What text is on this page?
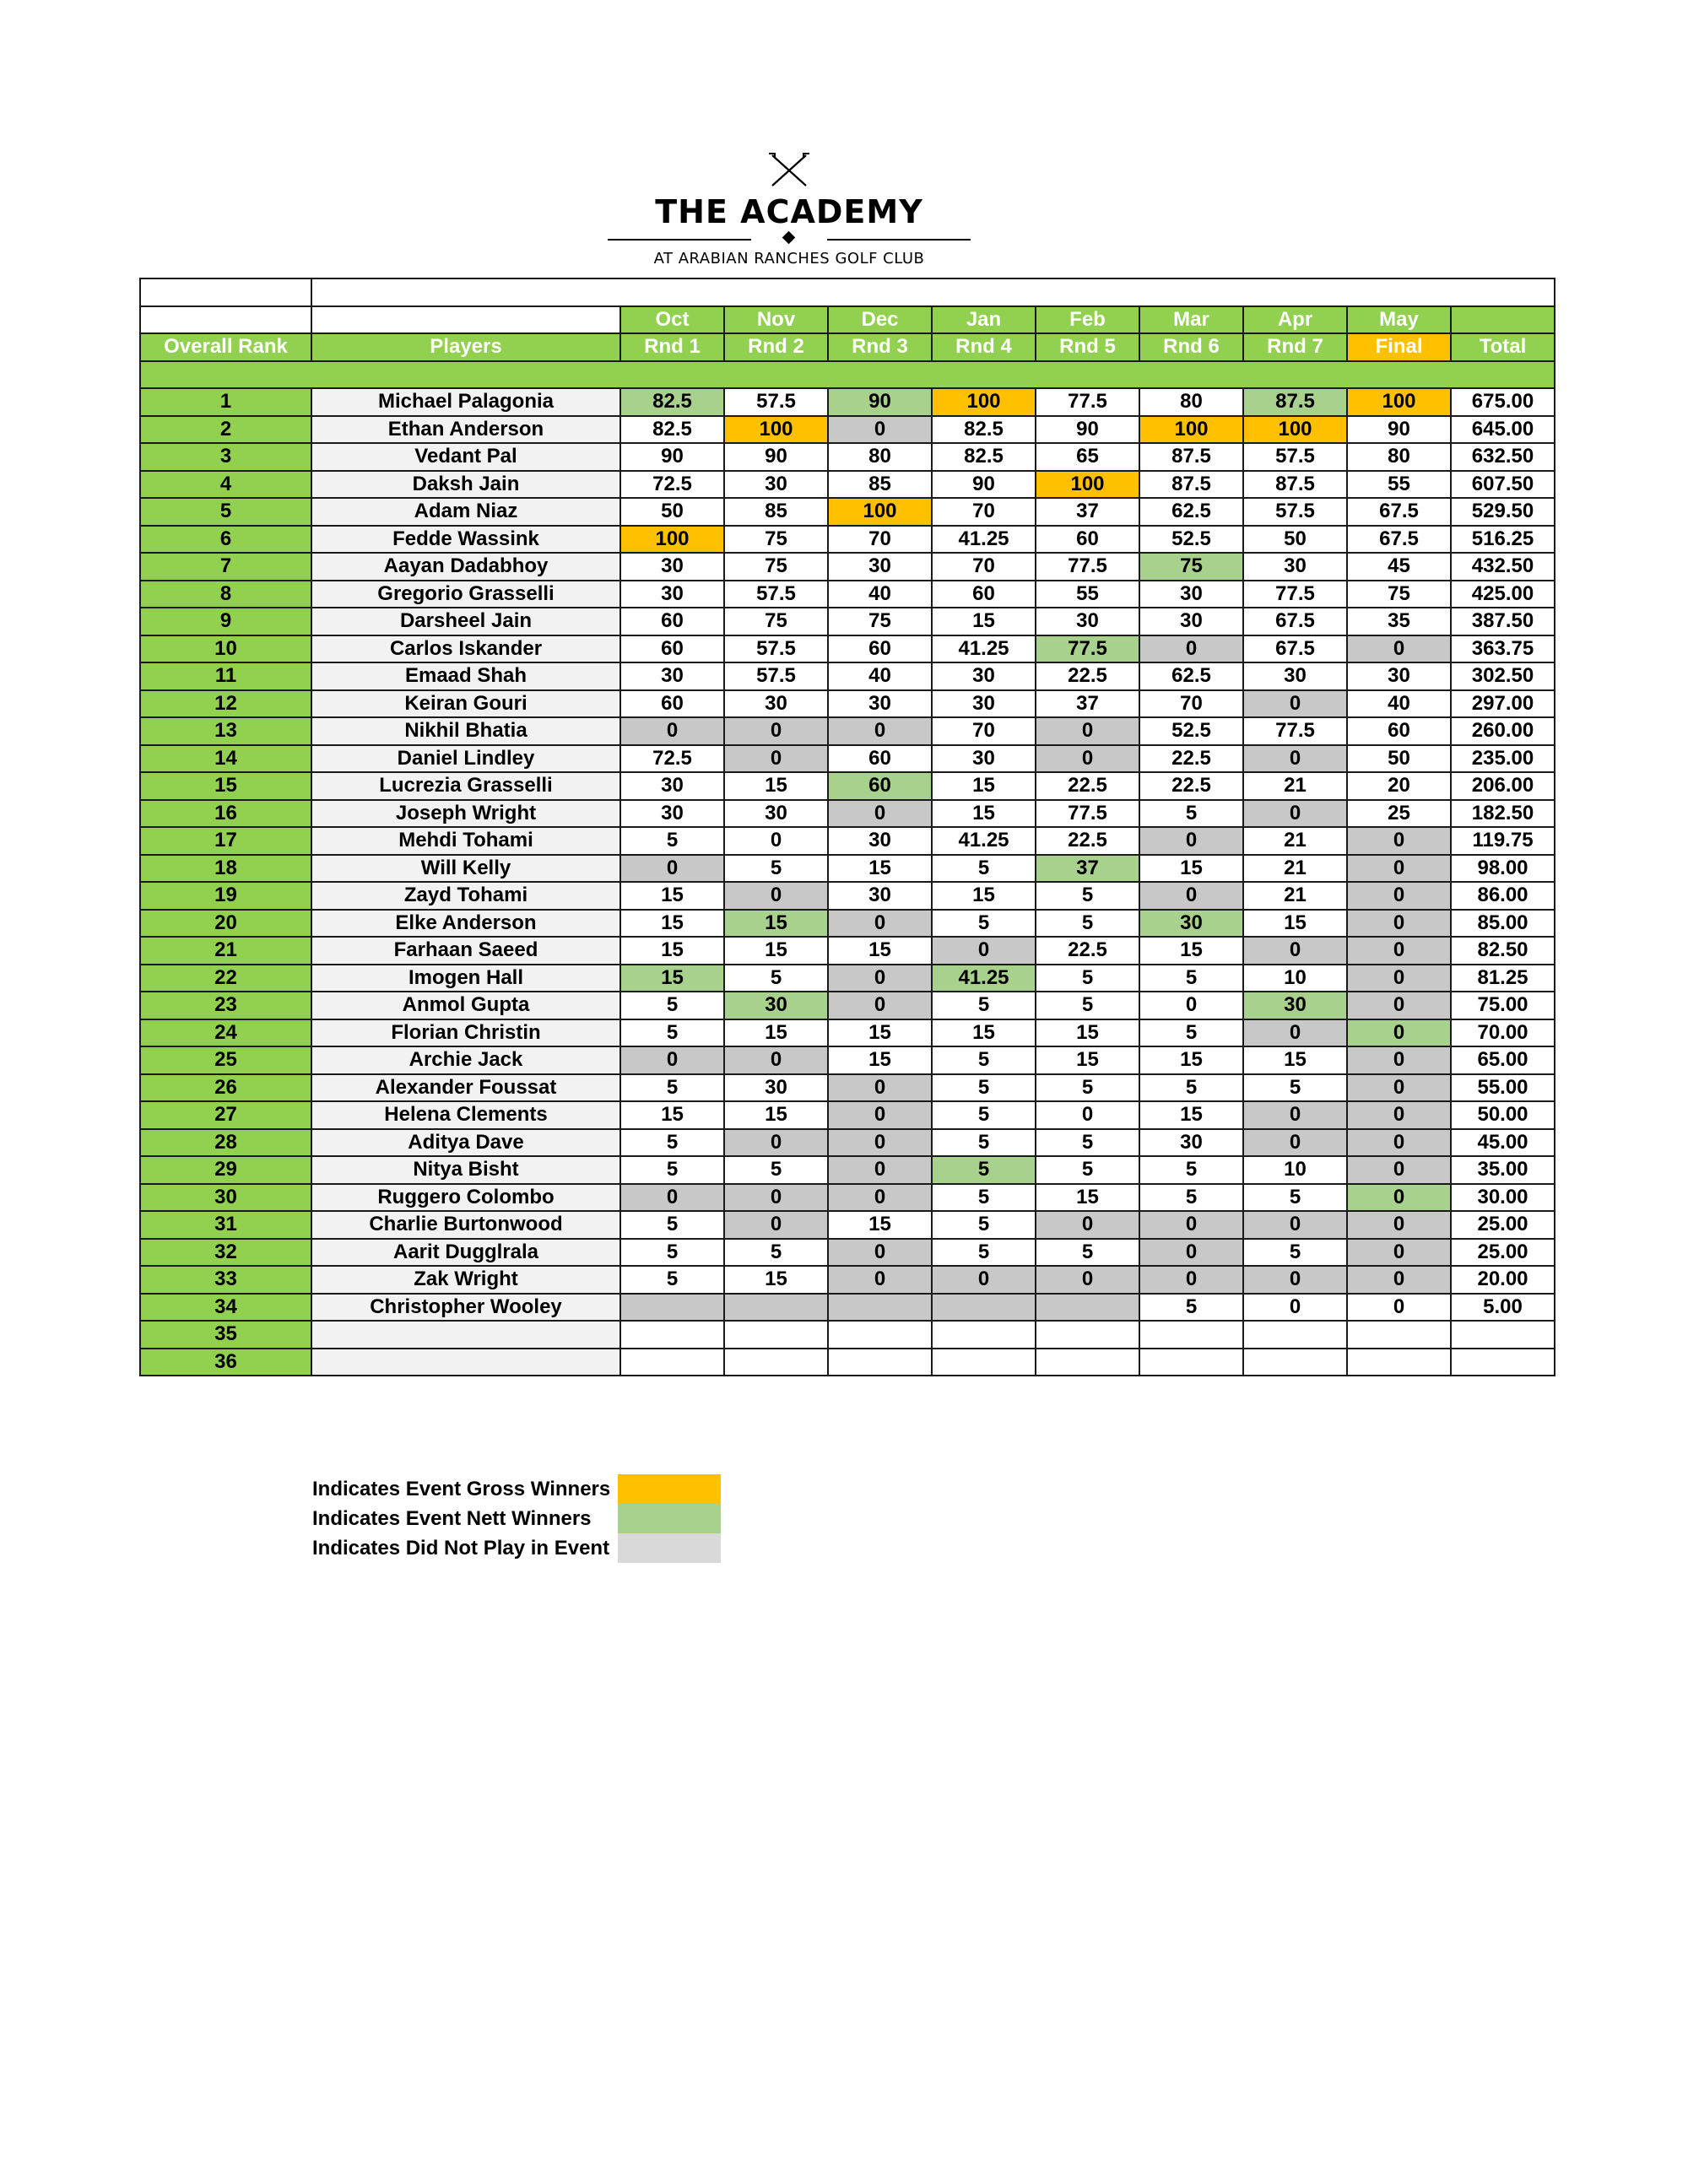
THE ACADEMY
AT ARABIAN RANCHES GOLF CLUB

		Oct	Nov	Dec	Jan	Feb	Mar	Apr	May	
Overall Rank	Players	Rnd 1	Rnd 2	Rnd 3	Rnd 4	Rnd 5	Rnd 6	Rnd 7	Final	Total

1	Michael Palagonia	82.5	57.5	90	100	77.5	80	87.5	100	675.00
2	Ethan Anderson	82.5	100	0	82.5	90	100	100	90	645.00
3	Vedant Pal	90	90	80	82.5	65	87.5	57.5	80	632.50
4	Daksh Jain	72.5	30	85	90	100	87.5	87.5	55	607.50
5	Adam Niaz	50	85	100	70	37	62.5	57.5	67.5	529.50
6	Fedde Wassink	100	75	70	41.25	60	52.5	50	67.5	516.25
7	Aayan Dadabhoy	30	75	30	70	77.5	75	30	45	432.50
8	Gregorio Grasselli	30	57.5	40	60	55	30	77.5	75	425.00
9	Darsheel Jain	60	75	75	15	30	30	67.5	35	387.50
10	Carlos Iskander	60	57.5	60	41.25	77.5	0	67.5	0	363.75
11	Emaad Shah	30	57.5	40	30	22.5	62.5	30	30	302.50
12	Keiran Gouri	60	30	30	30	37	70	0	40	297.00
13	Nikhil Bhatia	0	0	0	70	0	52.5	77.5	60	260.00
14	Daniel Lindley	72.5	0	60	30	0	22.5	0	50	235.00
15	Lucrezia Grasselli	30	15	60	15	22.5	22.5	21	20	206.00
16	Joseph Wright	30	30	0	15	77.5	5	0	25	182.50
17	Mehdi Tohami	5	0	30	41.25	22.5	0	21	0	119.75
18	Will Kelly	0	5	15	5	37	15	21	0	98.00
19	Zayd Tohami	15	0	30	15	5	0	21	0	86.00
20	Elke Anderson	15	15	0	5	5	30	15	0	85.00
21	Farhaan Saeed	15	15	15	0	22.5	15	0	0	82.50
22	Imogen Hall	15	5	0	41.25	5	5	10	0	81.25
23	Anmol Gupta	5	30	0	5	5	0	30	0	75.00
24	Florian Christin	5	15	15	15	15	5	0	0	70.00
25	Archie Jack	0	0	15	5	15	15	15	0	65.00
26	Alexander Foussat	5	30	0	5	5	5	5	0	55.00
27	Helena Clements	15	15	0	5	0	15	0	0	50.00
28	Aditya Dave	5	0	0	5	5	30	0	0	45.00
29	Nitya Bisht	5	5	0	5	5	5	10	0	35.00
30	Ruggero Colombo	0	0	0	5	15	5	5	0	30.00
31	Charlie Burtonwood	5	0	15	5	0	0	0	0	25.00
32	Aarit Dugglrala	5	5	0	5	5	0	5	0	25.00
33	Zak Wright	5	15	0	0	0	0	0	0	20.00
34	Christopher Wooley						5	0	0	5.00
35										
36										
Indicates Event Gross Winners
Indicates Event Nett Winners
Indicates Did Not Play in Event
